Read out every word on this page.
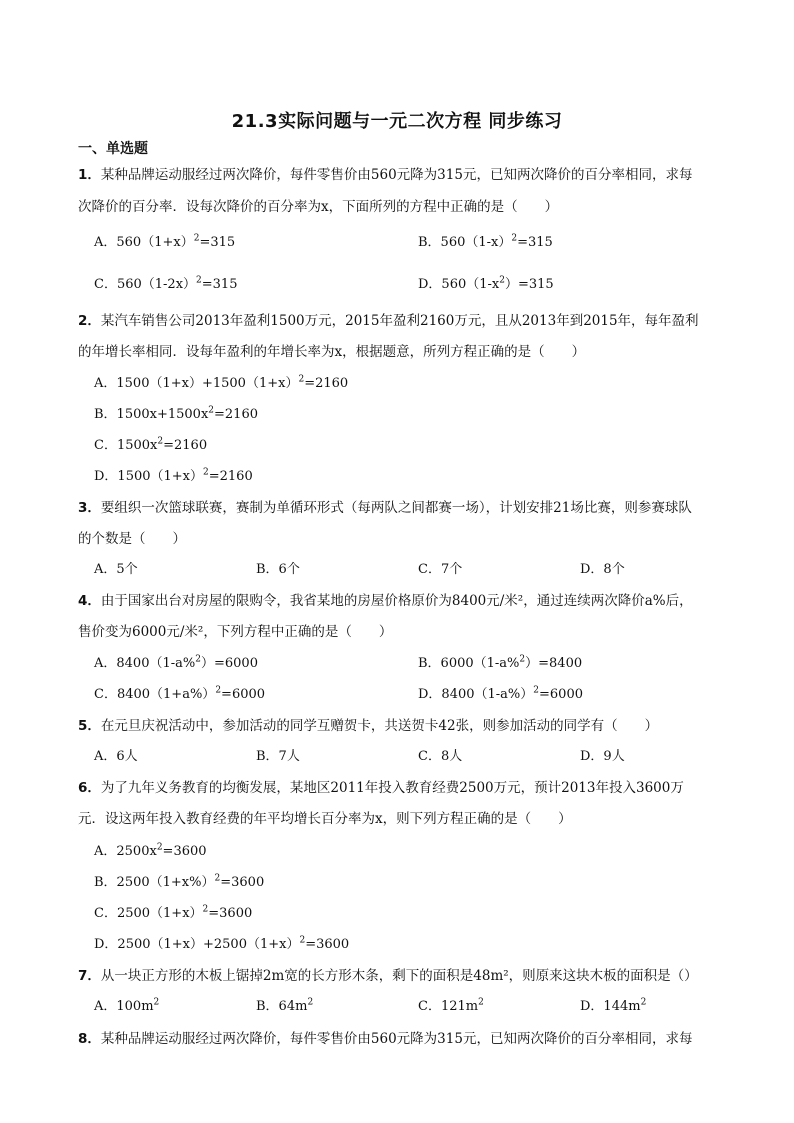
21.3实际问题与一元二次方程 同步练习
一、单选题
1．某种品牌运动服经过两次降价，每件零售价由560元降为315元，已知两次降价的百分率相同，求每
次降价的百分率．设每次降价的百分率为x，下面所列的方程中正确的是（　　）
A．$560(1+x)^2=315$	B．$560(1-x)^2=315$
C．$560(1-2x)^2=315$	D．$560(1-x^2)=315$
2．某汽车销售公司2013年盈利1500万元，2015年盈利2160万元，且从2013年到2015年，每年盈利
的年增长率相同．设每年盈利的年增长率为x，根据题意，所列方程正确的是（　　）
A．$1500(1+x)+1500(1+x)^2=2160$
B．$1500x+1500x^2=2160$
C．$1500x^2=2160$
D．$1500(1+x)^2=2160$
3．要组织一次篮球联赛，赛制为单循环形式（每两队之间都赛一场），计划安排21场比赛，则参赛球队
的个数是（　　）
A．5个	B．6个	C．7个	D．8个
4．由于国家出台对房屋的限购令，我省某地的房屋价格原价为8400元/米²，通过连续两次降价a%后，
售价变为6000元/米²，下列方程中正确的是（　　）
A．8400（1-a%$^2$）=6000	B．6000（1-a%$^2$）=8400
C．$8400(1+a\%)^2=6000$	D．$8400(1-a\%)^2=6000$
5．在元旦庆祝活动中，参加活动的同学互赠贺卡，共送贺卡42张，则参加活动的同学有（　　）
A．6人	B．7人	C．8人	D．9人
6．为了九年义务教育的均衡发展，某地区2011年投入教育经费2500万元，预计2013年投入3600万
元．设这两年投入教育经费的年平均增长百分率为x，则下列方程正确的是（　　）
A．$2500x^2=3600$
B．$2500(1+x\%)^2=3600$
C．$2500(1+x)^2=3600$
D．$2500(1+x)+2500(1+x)^2=3600$
7．从一块正方形的木板上锯掉2m宽的长方形木条，剩下的面积是48m²，则原来这块木板的面积是（）
A．$100m^2$	B．$64m^2$	C．$121m^2$	D．$144m^2$
8．某种品牌运动服经过两次降价，每件零售价由560元降为315元，已知两次降价的百分率相同，求每
